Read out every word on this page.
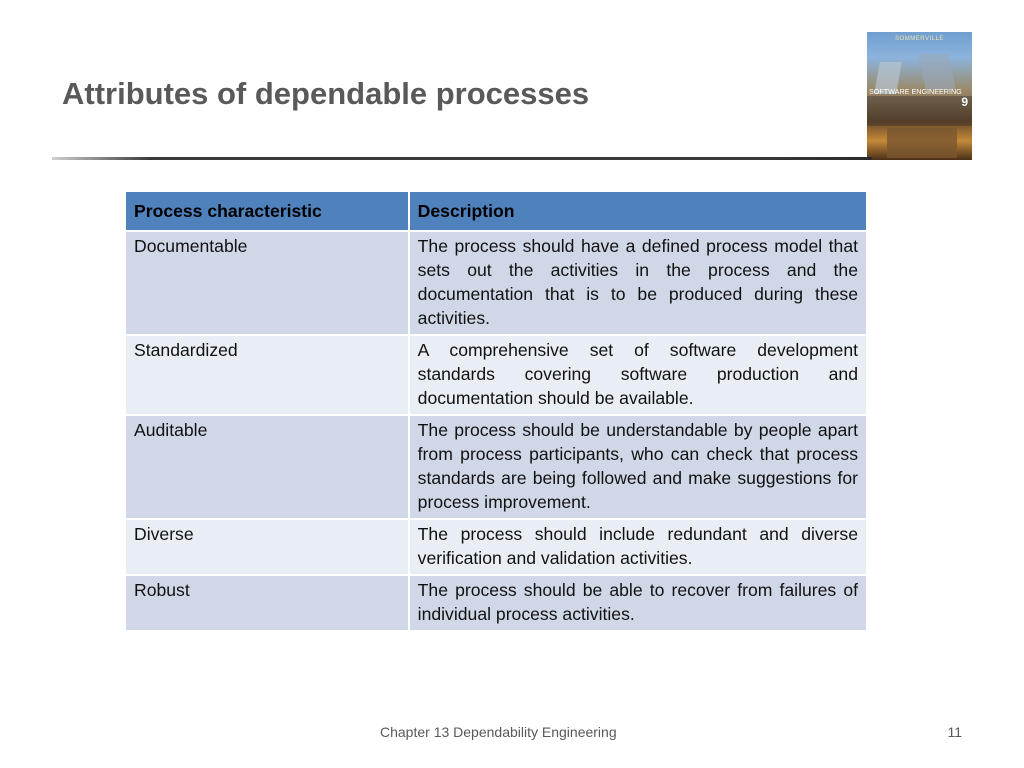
Attributes of dependable processes
SOMMERVILLE
SOFTWARE ENGINEERING
9
Process characteristic	Description
Documentable	The process should have a defined process model that sets out the activities in the process and the documentation that is to be produced during these activities.
Standardized	A comprehensive set of software development standards covering software production and documentation should be available.
Auditable	The process should be understandable by people apart from process participants, who can check that process standards are being followed and make suggestions for process improvement.
Diverse	The process should include redundant and diverse verification and validation activities.
Robust	The process should be able to recover from failures of individual process activities.
Chapter 13 Dependability Engineering	11
